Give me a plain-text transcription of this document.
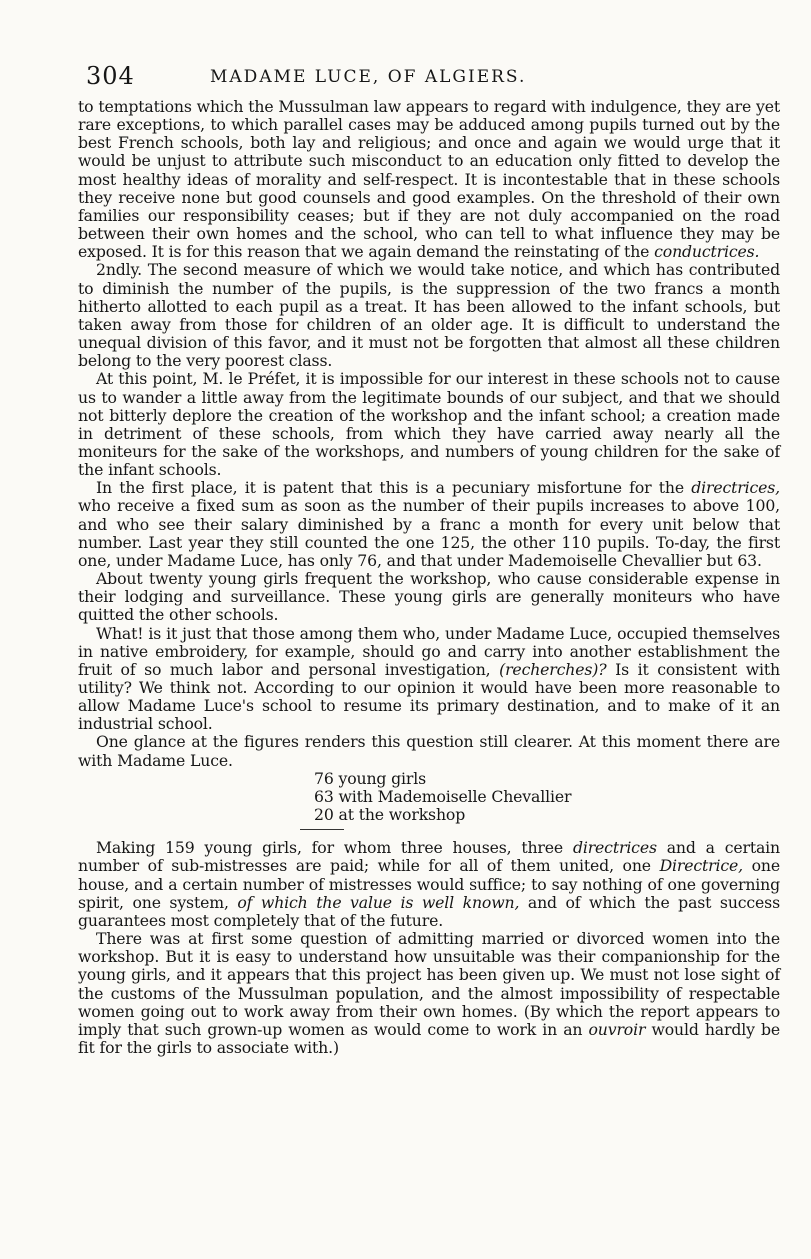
304	MADAME LUCE, OF ALGIERS.

to temptations which the Mussulman law appears to regard with indulgence, they are yet rare exceptions, to which parallel cases may be adduced among pupils turned out by the best French schools, both lay and religious; and once and again we would urge that it would be unjust to attribute such misconduct to an education only fitted to develop the most healthy ideas of morality and self-respect. It is incontestable that in these schools they receive none but good counsels and good examples. On the threshold of their own families our responsibility ceases; but if they are not duly accompanied on the road between their own homes and the school, who can tell to what influence they may be exposed. It is for this reason that we again demand the reinstating of the conductrices.

2ndly. The second measure of which we would take notice, and which has contributed to diminish the number of the pupils, is the suppression of the two francs a month hitherto allotted to each pupil as a treat. It has been allowed to the infant schools, but taken away from those for children of an older age. It is difficult to understand the unequal division of this favor, and it must not be forgotten that almost all these children belong to the very poorest class.

At this point, M. le Préfet, it is impossible for our interest in these schools not to cause us to wander a little away from the legitimate bounds of our subject, and that we should not bitterly deplore the creation of the workshop and the infant school; a creation made in detriment of these schools, from which they have carried away nearly all the moniteurs for the sake of the workshops, and numbers of young children for the sake of the infant schools.

In the first place, it is patent that this is a pecuniary misfortune for the directrices, who receive a fixed sum as soon as the number of their pupils increases to above 100, and who see their salary diminished by a franc a month for every unit below that number. Last year they still counted the one 125, the other 110 pupils. To-day, the first one, under Madame Luce, has only 76, and that under Mademoiselle Chevallier but 63.

About twenty young girls frequent the workshop, who cause considerable expense in their lodging and surveillance. These young girls are generally moniteurs who have quitted the other schools.

What! is it just that those among them who, under Madame Luce, occupied themselves in native embroidery, for example, should go and carry into another establishment the fruit of so much labor and personal investigation, (recherches)? Is it consistent with utility? We think not. According to our opinion it would have been more reasonable to allow Madame Luce's school to resume its primary destination, and to make of it an industrial school.

One glance at the figures renders this question still clearer. At this moment there are with Madame Luce.

76 young girls
63 with Mademoiselle Chevallier
20 at the workshop

Making 159 young girls, for whom three houses, three directrices and a certain number of sub-mistresses are paid; while for all of them united, one Directrice, one house, and a certain number of mistresses would suffice; to say nothing of one governing spirit, one system, of which the value is well known, and of which the past success guarantees most completely that of the future.

There was at first some question of admitting married or divorced women into the workshop. But it is easy to understand how unsuitable was their companionship for the young girls, and it appears that this project has been given up. We must not lose sight of the customs of the Mussulman population, and the almost impossibility of respectable women going out to work away from their own homes. (By which the report appears to imply that such grown-up women as would come to work in an ouvroir would hardly be fit for the girls to associate with.)
